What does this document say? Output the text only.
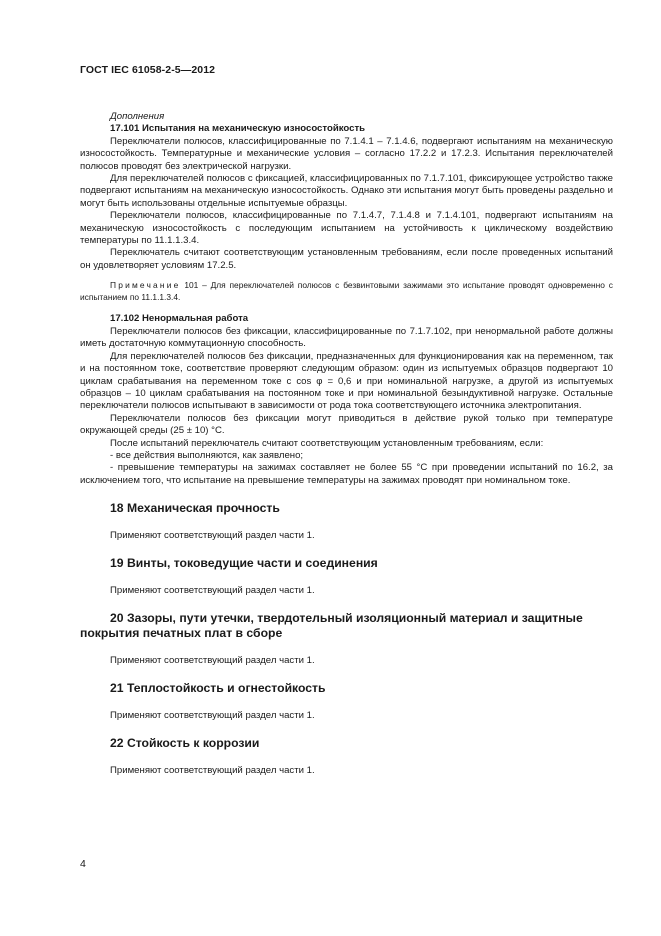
ГОСТ IEC 61058-2-5—2012
Дополнения
17.101 Испытания на механическую износостойкость

Переключатели полюсов, классифицированные по 7.1.4.1 – 7.1.4.6, подвергают испытаниям на механическую износостойкость. Температурные и механические условия – согласно 17.2.2 и 17.2.3. Испытания переключателей полюсов проводят без электрической нагрузки.

Для переключателей полюсов с фиксацией, классифицированных по 7.1.7.101, фиксирующее устройство также подвергают испытаниям на механическую износостойкость. Однако эти испытания могут быть проведены раздельно и могут быть использованы отдельные испытуемые образцы.

Переключатели полюсов, классифицированные по 7.1.4.7, 7.1.4.8 и 7.1.4.101, подвергают испытаниям на механическую износостойкость с последующим испытанием на устойчивость к циклическому воздействию температуры по 11.1.1.3.4.

Переключатель считают соответствующим установленным требованиям, если после проведенных испытаний он удовлетворяет условиям 17.2.5.

Примечание 101 – Для переключателей полюсов с безвинтовыми зажимами это испытание проводят одновременно с испытанием по 11.1.1.3.4.
17.102 Ненормальная работа

Переключатели полюсов без фиксации, классифицированные по 7.1.7.102, при ненормальной работе должны иметь достаточную коммутационную способность.

Для переключателей полюсов без фиксации, предназначенных для функционирования как на переменном, так и на постоянном токе, соответствие проверяют следующим образом: один из испытуемых образцов подвергают 10 циклам срабатывания на переменном токе с cos φ = 0,6 и при номинальной нагрузке, а другой из испытуемых образцов – 10 циклам срабатывания на постоянном токе и при номинальной безындуктивной нагрузке. Остальные переключатели полюсов испытывают в зависимости от рода тока соответствующего источника электропитания.

Переключатели полюсов без фиксации могут приводиться в действие рукой только при температуре окружающей среды (25 ± 10) °С.

После испытаний переключатель считают соответствующим установленным требованиям, если:

- все действия выполняются, как заявлено;

- превышение температуры на зажимах составляет не более 55 °С при проведении испытаний по 16.2, за исключением того, что испытание на превышение температуры на зажимах проводят при номинальном токе.

18 Механическая прочность
Применяют соответствующий раздел части 1.
19 Винты, токоведущие части и соединения
Применяют соответствующий раздел части 1.
20 Зазоры, пути утечки, твердотельный изоляционный материал и защитные покрытия печатных плат в сборе
Применяют соответствующий раздел части 1.
21 Теплостойкость и огнестойкость
Применяют соответствующий раздел части 1.
22 Стойкость к коррозии
Применяют соответствующий раздел части 1.
4
